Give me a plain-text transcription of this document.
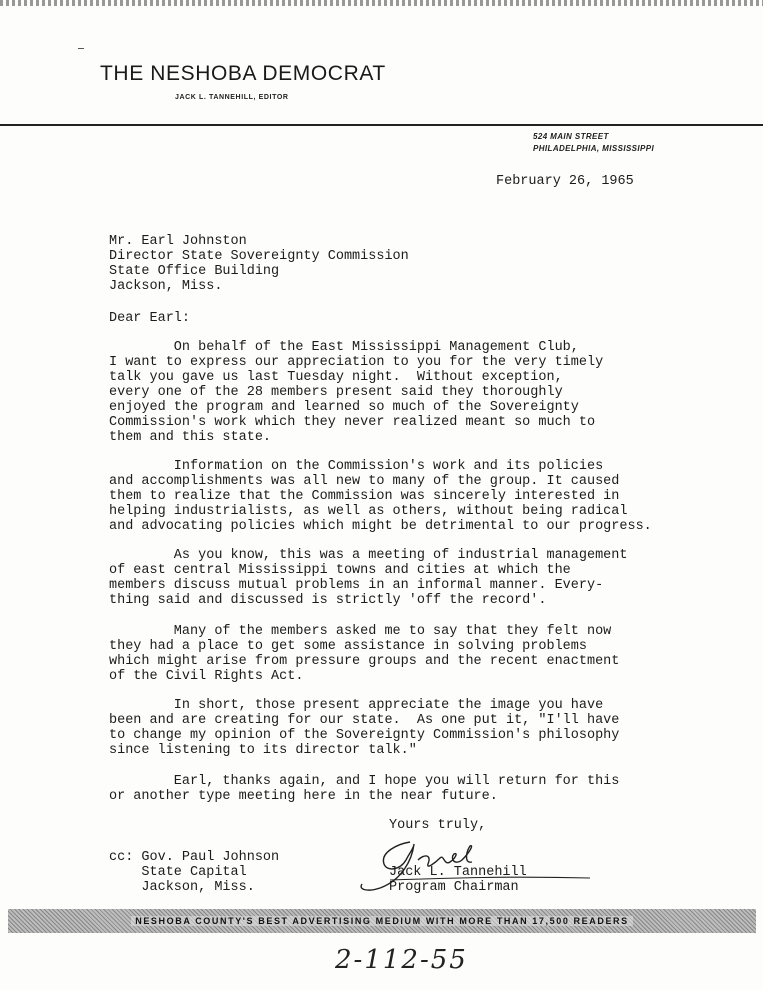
THE NESHOBA DEMOCRAT
JACK L. TANNEHILL, EDITOR
524 MAIN STREET
PHILADELPHIA, MISSISSIPPI
February 26, 1965
Mr. Earl Johnston
Director State Sovereignty Commission
State Office Building
Jackson, Miss.
Dear Earl:
On behalf of the East Mississippi Management Club,
I want to express our appreciation to you for the very timely
talk you gave us last Tuesday night.  Without exception,
every one of the 28 members present said they thoroughly
enjoyed the program and learned so much of the Sovereignty
Commission's work which they never realized meant so much to
them and this state.
Information on the Commission's work and its policies
and accomplishments was all new to many of the group. It caused
them to realize that the Commission was sincerely interested in
helping industrialists, as well as others, without being radical
and advocating policies which might be detrimental to our progress.
As you know, this was a meeting of industrial management
of east central Mississippi towns and cities at which the
members discuss mutual problems in an informal manner. Every-
thing said and discussed is strictly 'off the record'.
Many of the members asked me to say that they felt now
they had a place to get some assistance in solving problems
which might arise from pressure groups and the recent enactment
of the Civil Rights Act.
In short, those present appreciate the image you have
been and are creating for our state.  As one put it, "I'll have
to change my opinion of the Sovereignty Commission's philosophy
since listening to its director talk."
Earl, thanks again, and I hope you will return for this
or another type meeting here in the near future.
Yours truly,
cc: Gov. Paul Johnson
State Capital
Jackson, Miss.
Jack L. Tannehill
Program Chairman
NESHOBA COUNTY'S BEST ADVERTISING MEDIUM WITH MORE THAN 17,500 READERS
2-112-55
